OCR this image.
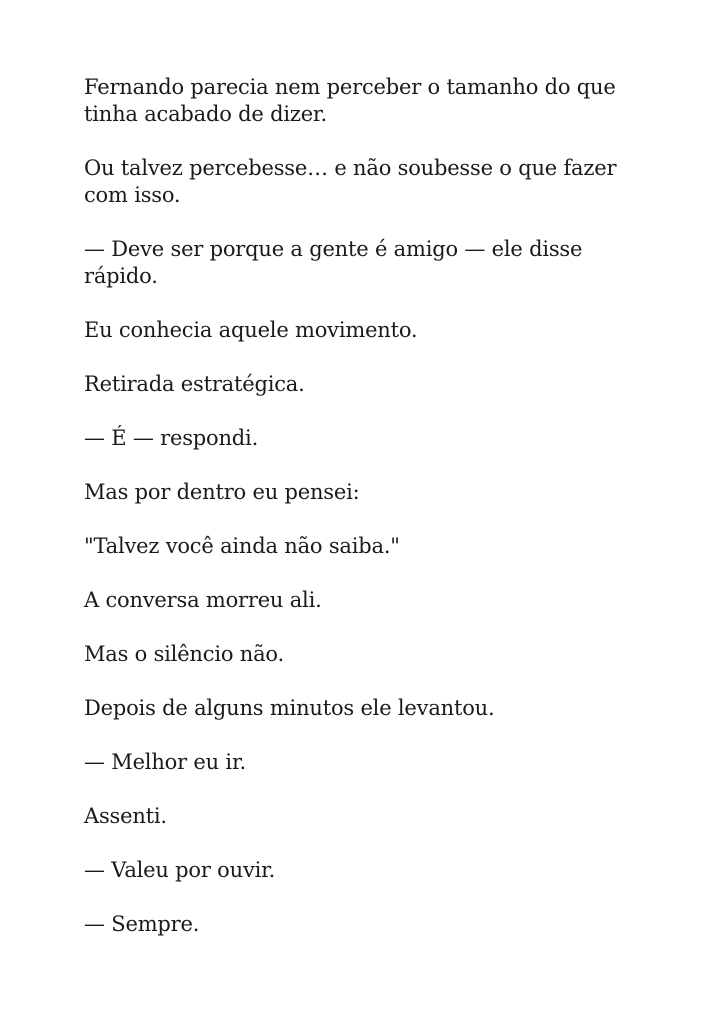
Fernando parecia nem perceber o tamanho do que tinha acabado de dizer.

Ou talvez percebesse… e não soubesse o que fazer com isso.

— Deve ser porque a gente é amigo — ele disse rápido.

Eu conhecia aquele movimento.

Retirada estratégica.

— É — respondi.

Mas por dentro eu pensei:

"Talvez você ainda não saiba."

A conversa morreu ali.

Mas o silêncio não.

Depois de alguns minutos ele levantou.

— Melhor eu ir.

Assenti.

— Valeu por ouvir.

— Sempre.
